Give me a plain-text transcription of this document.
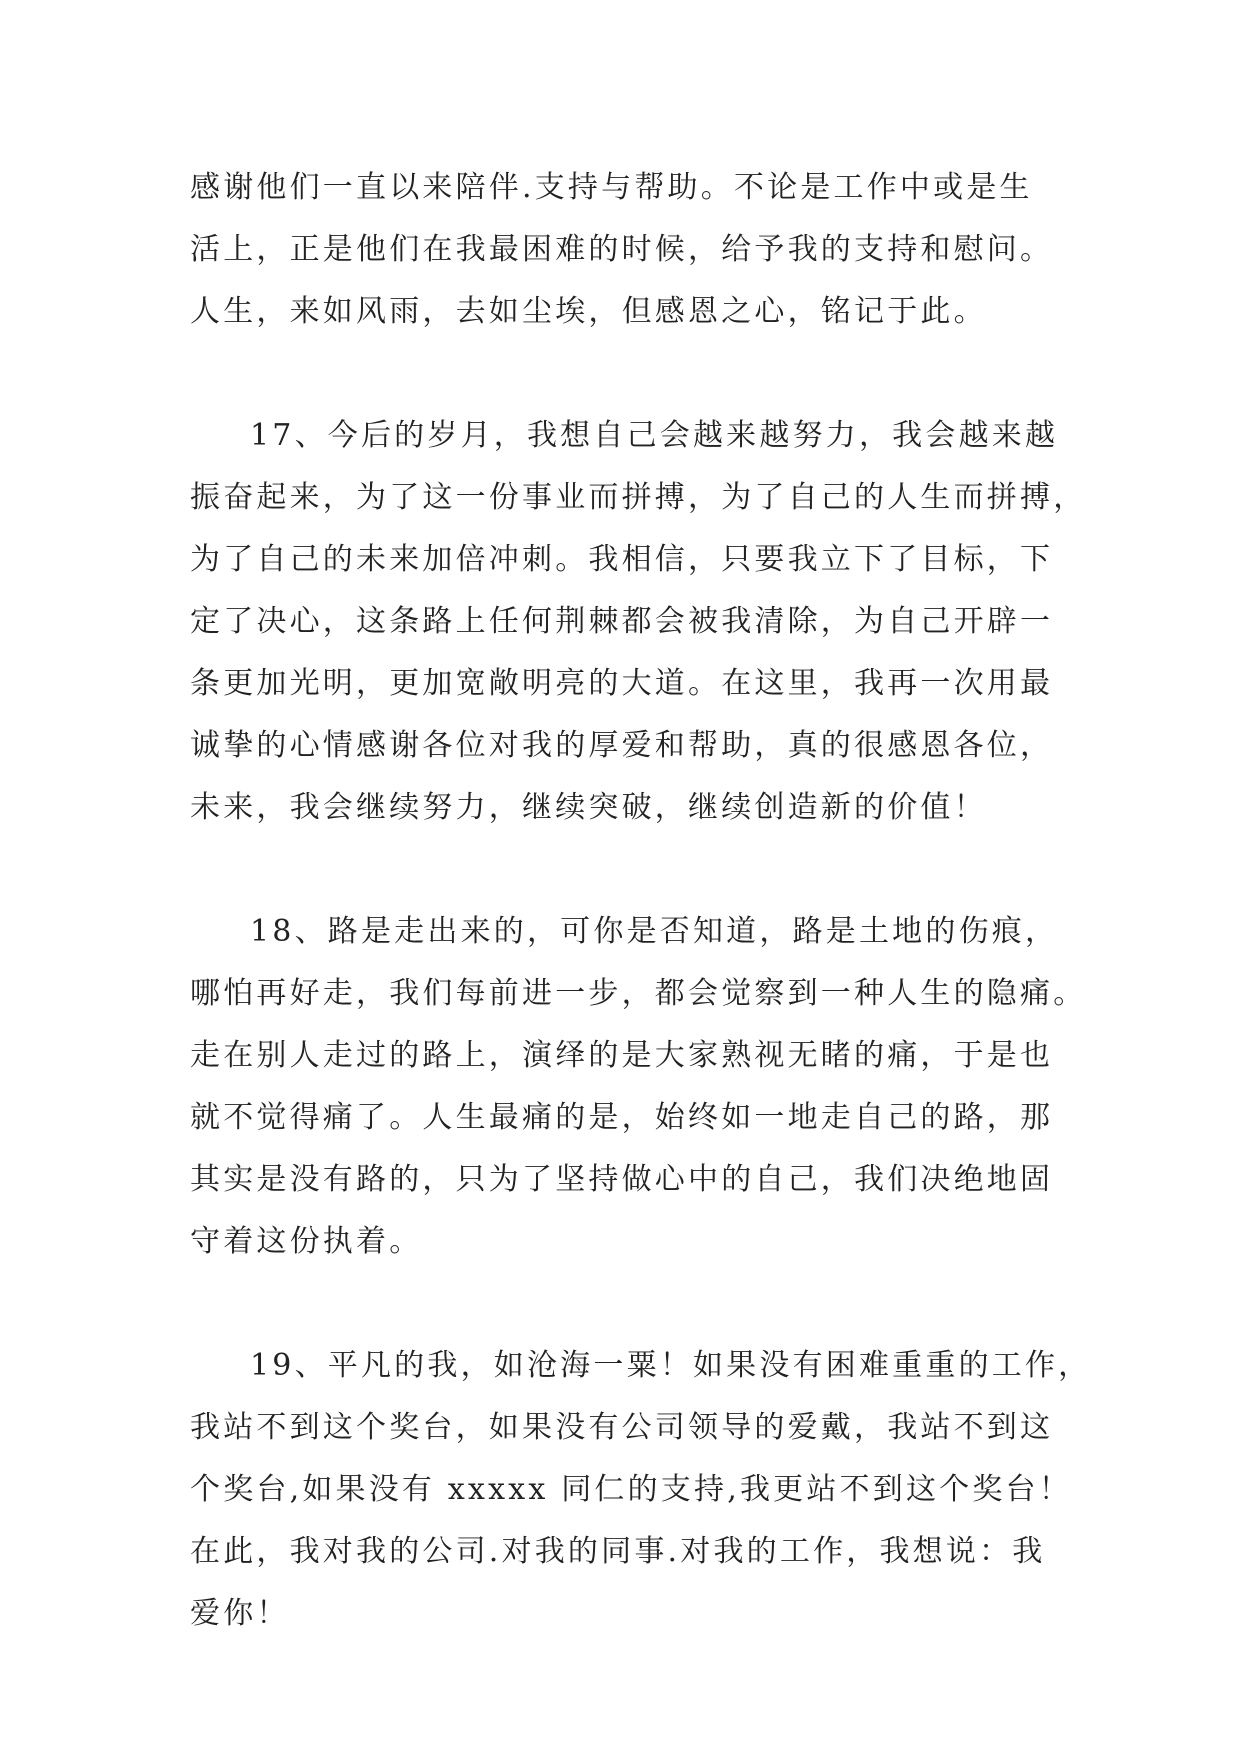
感谢他们一直以来陪伴.支持与帮助。不论是工作中或是生
活上，正是他们在我最困难的时候，给予我的支持和慰问。
人生，来如风雨，去如尘埃，但感恩之心，铭记于此。
17、今后的岁月，我想自己会越来越努力，我会越来越
振奋起来，为了这一份事业而拼搏，为了自己的人生而拼搏，
为了自己的未来加倍冲刺。我相信，只要我立下了目标，下
定了决心，这条路上任何荆棘都会被我清除，为自己开辟一
条更加光明，更加宽敞明亮的大道。在这里，我再一次用最
诚挚的心情感谢各位对我的厚爱和帮助，真的很感恩各位，
未来，我会继续努力，继续突破，继续创造新的价值！
18、路是走出来的，可你是否知道，路是土地的伤痕，
哪怕再好走，我们每前进一步，都会觉察到一种人生的隐痛。
走在别人走过的路上，演绎的是大家熟视无睹的痛，于是也
就不觉得痛了。人生最痛的是，始终如一地走自己的路，那
其实是没有路的，只为了坚持做心中的自己，我们决绝地固
守着这份执着。
19、平凡的我，如沧海一粟！如果没有困难重重的工作，
我站不到这个奖台，如果没有公司领导的爱戴，我站不到这
个奖台,如果没有 xxxxx 同仁的支持,我更站不到这个奖台！
在此，我对我的公司.对我的同事.对我的工作，我想说：我
爱你！
